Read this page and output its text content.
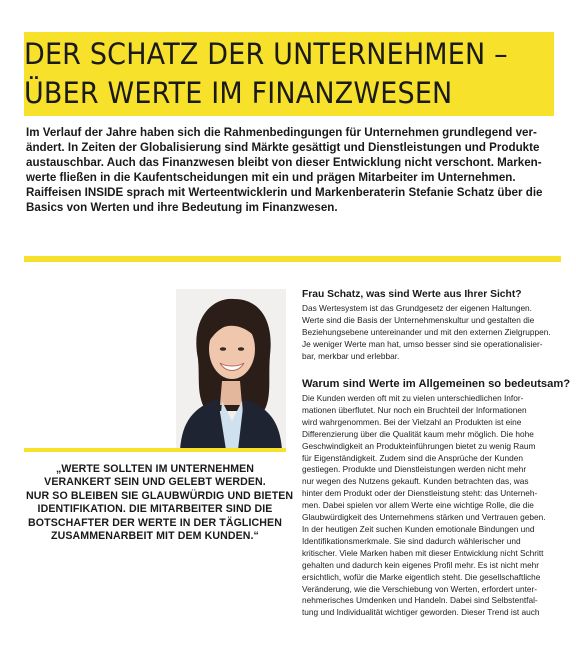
DER SCHATZ DER UNTERNEHMEN –
ÜBER WERTE IM FINANZWESEN
Im Verlauf der Jahre haben sich die Rahmenbedingungen für Unternehmen grundlegend ver-
ändert. In Zeiten der Globalisierung sind Märkte gesättigt und Dienstleistungen und Produkte
austauschbar. Auch das Finanzwesen bleibt von dieser Entwicklung nicht verschont. Marken-
werte fließen in die Kaufentscheidungen mit ein und prägen Mitarbeiter im Unternehmen.
Raiffeisen INSIDE sprach mit Werteentwicklerin und Markenberaterin Stefanie Schatz über die
Basics von Werten und ihre Bedeutung im Finanzwesen.
„WERTE SOLLTEN IM UNTERNEHMEN
VERANKERT SEIN UND GELEBT WERDEN.
NUR SO BLEIBEN SIE GLAUBWÜRDIG UND BIETEN
IDENTIFIKATION. DIE MITARBEITER SIND DIE
BOTSCHAFTER DER WERTE IN DER TÄGLICHEN
ZUSAMMENARBEIT MIT DEM KUNDEN.“
Frau Schatz, was sind Werte aus Ihrer Sicht?
Das Wertesystem ist das Grundgesetz der eigenen Haltungen.
Werte sind die Basis der Unternehmenskultur und gestalten die
Beziehungsebene untereinander und mit den externen Zielgruppen.
Je weniger Werte man hat, umso besser sind sie operationalisier-
bar, merkbar und erlebbar.
Warum sind Werte im Allgemeinen so bedeutsam?
Die Kunden werden oft mit zu vielen unterschiedlichen Infor-
mationen überflutet. Nur noch ein Bruchteil der Informationen
wird wahrgenommen. Bei der Vielzahl an Produkten ist eine
Differenzierung über die Qualität kaum mehr möglich. Die hohe
Geschwindigkeit an Produkteinführungen bietet zu wenig Raum
für Eigenständigkeit. Zudem sind die Ansprüche der Kunden
gestiegen. Produkte und Dienstleistungen werden nicht mehr
nur wegen des Nutzens gekauft. Kunden betrachten das, was
hinter dem Produkt oder der Dienstleistung steht: das Unterneh-
men. Dabei spielen vor allem Werte eine wichtige Rolle, die die
Glaubwürdigkeit des Unternehmens stärken und Vertrauen geben.
In der heutigen Zeit suchen Kunden emotionale Bindungen und
Identifikationsmerkmale. Sie sind dadurch wählerischer und
kritischer. Viele Marken haben mit dieser Entwicklung nicht Schritt
gehalten und dadurch kein eigenes Profil mehr. Es ist nicht mehr
ersichtlich, wofür die Marke eigentlich steht. Die gesellschaftliche
Veränderung, wie die Verschiebung von Werten, erfordert unter-
nehmerisches Umdenken und Handeln. Dabei sind Selbstentfal-
tung und Individualität wichtiger geworden. Dieser Trend ist auch
